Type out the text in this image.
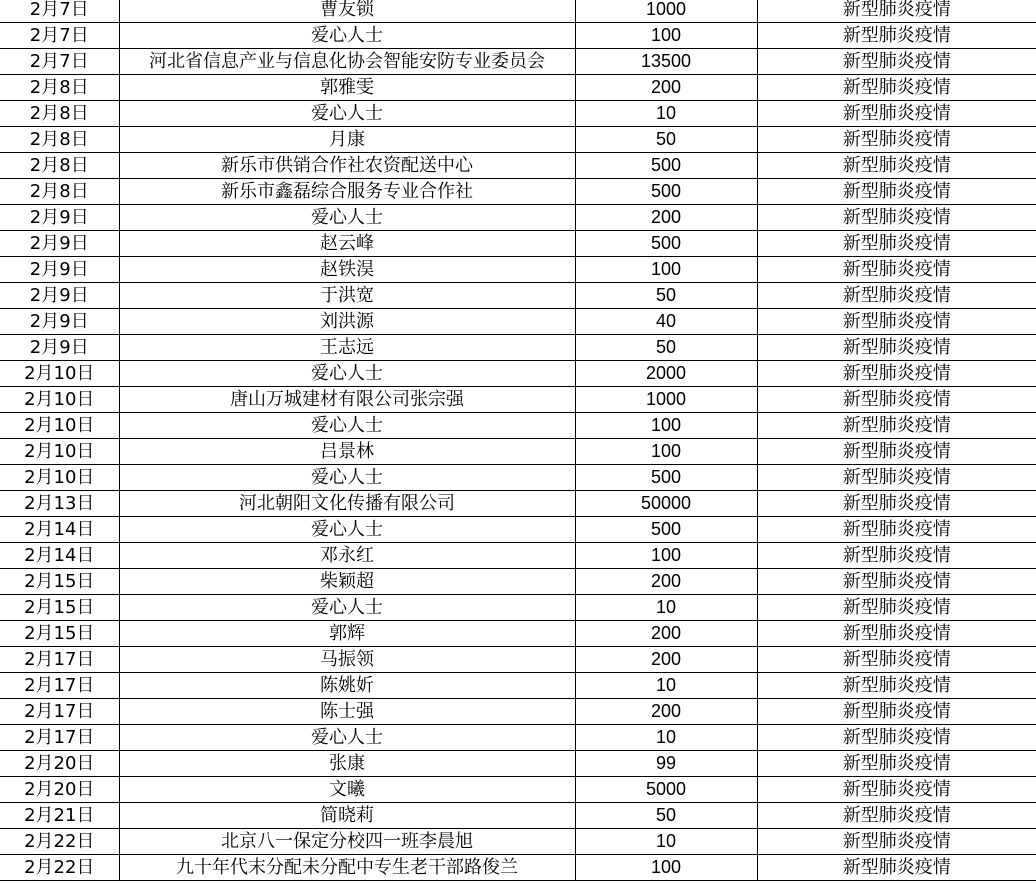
2月7日	曹友锁	1000	新型肺炎疫情
2月7日	爱心人士	100	新型肺炎疫情
2月7日	河北省信息产业与信息化协会智能安防专业委员会	13500	新型肺炎疫情
2月8日	郭雅雯	200	新型肺炎疫情
2月8日	爱心人士	10	新型肺炎疫情
2月8日	月康	50	新型肺炎疫情
2月8日	新乐市供销合作社农资配送中心	500	新型肺炎疫情
2月8日	新乐市鑫磊综合服务专业合作社	500	新型肺炎疫情
2月9日	爱心人士	200	新型肺炎疫情
2月9日	赵云峰	500	新型肺炎疫情
2月9日	赵铁淏	100	新型肺炎疫情
2月9日	于洪宽	50	新型肺炎疫情
2月9日	刘洪源	40	新型肺炎疫情
2月9日	王志远	50	新型肺炎疫情
2月10日	爱心人士	2000	新型肺炎疫情
2月10日	唐山万城建材有限公司张宗强	1000	新型肺炎疫情
2月10日	爱心人士	100	新型肺炎疫情
2月10日	吕景林	100	新型肺炎疫情
2月10日	爱心人士	500	新型肺炎疫情
2月13日	河北朝阳文化传播有限公司	50000	新型肺炎疫情
2月14日	爱心人士	500	新型肺炎疫情
2月14日	邓永红	100	新型肺炎疫情
2月15日	柴颖超	200	新型肺炎疫情
2月15日	爱心人士	10	新型肺炎疫情
2月15日	郭辉	200	新型肺炎疫情
2月17日	马振领	200	新型肺炎疫情
2月17日	陈姚妡	10	新型肺炎疫情
2月17日	陈士强	200	新型肺炎疫情
2月17日	爱心人士	10	新型肺炎疫情
2月20日	张康	99	新型肺炎疫情
2月20日	文曦	5000	新型肺炎疫情
2月21日	简晓莉	50	新型肺炎疫情
2月22日	北京八一保定分校四一班李晨旭	10	新型肺炎疫情
2月22日	九十年代末分配未分配中专生老干部路俊兰	100	新型肺炎疫情
